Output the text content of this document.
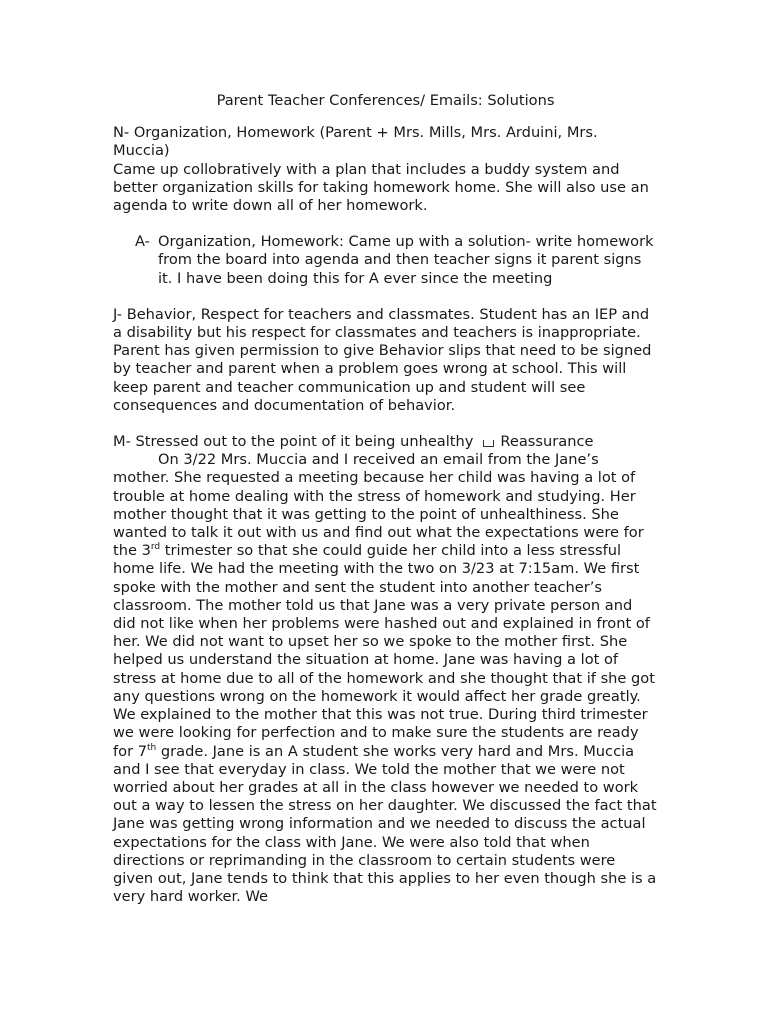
Parent Teacher Conferences/ Emails: Solutions

N- Organization, Homework (Parent + Mrs. Mills, Mrs. Arduini, Mrs. Muccia)

Came up collobratively with a plan that includes a buddy system and better organization skills for taking homework home. She will also use an agenda to write down all of her homework.

A- Organization, Homework: Came up with a solution- write homework from the board into agenda and then teacher signs it parent signs it. I have been doing this for A ever since the meeting

J- Behavior, Respect for teachers and classmates. Student has an IEP and a disability but his respect for classmates and teachers is inappropriate. Parent has given permission to give Behavior slips that need to be signed by teacher and parent when a problem goes wrong at school. This will keep parent and teacher communication up and student will see consequences and documentation of behavior.

M- Stressed out to the point of it being unhealthy Reassurance

On 3/22 Mrs. Muccia and I received an email from the Jane’s mother. She requested a meeting because her child was having a lot of trouble at home dealing with the stress of homework and studying. Her mother thought that it was getting to the point of unhealthiness. She wanted to talk it out with us and find out what the expectations were for the 3rd trimester so that she could guide her child into a less stressful home life. We had the meeting with the two on 3/23 at 7:15am. We first spoke with the mother and sent the student into another teacher’s classroom. The mother told us that Jane was a very private person and did not like when her problems were hashed out and explained in front of her. We did not want to upset her so we spoke to the mother first. She helped us understand the situation at home. Jane was having a lot of stress at home due to all of the homework and she thought that if she got any questions wrong on the homework it would affect her grade greatly. We explained to the mother that this was not true. During third trimester we were looking for perfection and to make sure the students are ready for 7th grade. Jane is an A student she works very hard and Mrs. Muccia and I see that everyday in class. We told the mother that we were not worried about her grades at all in the class however we needed to work out a way to lessen the stress on her daughter. We discussed the fact that Jane was getting wrong information and we needed to discuss the actual expectations for the class with Jane. We were also told that when directions or reprimanding in the classroom to certain students were given out, Jane tends to think that this applies to her even though she is a very hard worker. We
